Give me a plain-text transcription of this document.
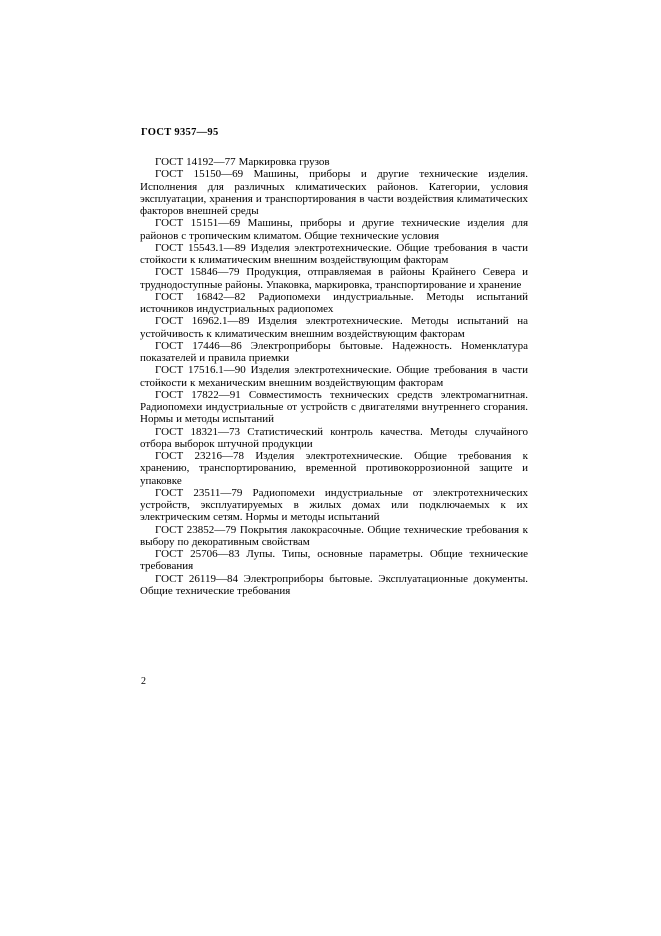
ГОСТ 9357—95

ГОСТ 14192—77 Маркировка грузов

ГОСТ 15150—69 Машины, приборы и другие технические изделия. Исполнения для различных климатических районов. Категории, условия эксплуатации, хранения и транспортирования в части воздействия климатических факторов внешней среды

ГОСТ 15151—69 Машины, приборы и другие технические изделия для районов с тропическим климатом. Общие технические условия

ГОСТ 15543.1—89 Изделия электротехнические. Общие требования в части стойкости к климатическим внешним воздействующим факторам

ГОСТ 15846—79 Продукция, отправляемая в районы Крайнего Севера и труднодоступные районы. Упаковка, маркировка, транспортирование и хранение

ГОСТ 16842—82 Радиопомехи индустриальные. Методы испытаний источников индустриальных радиопомех

ГОСТ 16962.1—89 Изделия электротехнические. Методы испытаний на устойчивость к климатическим внешним воздействующим факторам

ГОСТ 17446—86 Электроприборы бытовые. Надежность. Номенклатура показателей и правила приемки

ГОСТ 17516.1—90 Изделия электротехнические. Общие требования в части стойкости к механическим внешним воздействующим факторам

ГОСТ 17822—91 Совместимость технических средств электромагнитная. Радиопомехи индустриальные от устройств с двигателями внутреннего сгорания. Нормы и методы испытаний

ГОСТ 18321—73 Статистический контроль качества. Методы случайного отбора выборок штучной продукции

ГОСТ 23216—78 Изделия электротехнические. Общие требования к хранению, транспортированию, временной противокоррозионной защите и упаковке

ГОСТ 23511—79 Радиопомехи индустриальные от электротехнических устройств, эксплуатируемых в жилых домах или подключаемых к их электрическим сетям. Нормы и методы испытаний

ГОСТ 23852—79 Покрытия лакокрасочные. Общие технические требования к выбору по декоративным свойствам

ГОСТ 25706—83 Лупы. Типы, основные параметры. Общие технические требования

ГОСТ 26119—84 Электроприборы бытовые. Эксплуатационные документы. Общие технические требования

2
